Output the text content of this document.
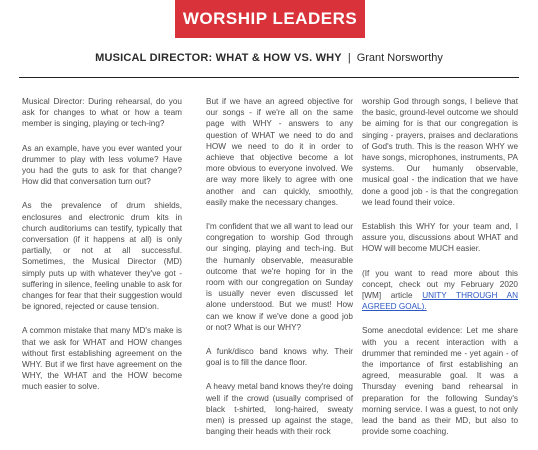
WORSHIP LEADERS
MUSICAL DIRECTOR: WHAT & HOW VS. WHY | Grant Norsworthy

Musical Director: During rehearsal, do you ask for changes to what or how a team member is singing, playing or tech-ing?

As an example, have you ever wanted your drummer to play with less volume? Have you had the guts to ask for that change? How did that conversation turn out?

As the prevalence of drum shields, enclosures and electronic drum kits in church auditoriums can testify, typically that conversation (if it happens at all) is only partially, or not at all successful. Sometimes, the Musical Director (MD) simply puts up with whatever they've got - suffering in silence, feeling unable to ask for changes for fear that their suggestion would be ignored, rejected or cause tension.

A common mistake that many MD's make is that we ask for WHAT and HOW changes without first establishing agreement on the WHY. But if we first have agreement on the WHY, the WHAT and the HOW become much easier to solve.

But if we have an agreed objective for our songs - if we're all on the same page with WHY - answers to any question of WHAT we need to do and HOW we need to do it in order to achieve that objective become a lot more obvious to everyone involved. We are way more likely to agree with one another and can quickly, smoothly, easily make the necessary changes.

I'm confident that we all want to lead our congregation to worship God through our singing, playing and tech-ing. But the humanly observable, measurable outcome that we're hoping for in the room with our congregation on Sunday is usually never even discussed let alone understood. But we must! How can we know if we've done a good job or not? What is our WHY?

A funk/disco band knows why. Their goal is to fill the dance floor.

A heavy metal band knows they're doing well if the crowd (usually comprised of black t-shirted, long-haired, sweaty men) is pressed up against the stage, banging their heads with their rock

worship God through songs, I believe that the basic, ground-level outcome we should be aiming for is that our congregation is singing - prayers, praises and declarations of God's truth. This is the reason WHY we have songs, microphones, instruments, PA systems. Our humanly observable, musical goal - the indication that we have done a good job - is that the congregation we lead found their voice.

Establish this WHY for your team and, I assure you, discussions about WHAT and HOW will become MUCH easier.

(If you want to read more about this concept, check out my February 2020 [WM] article UNITY THROUGH AN AGREED GOAL).

Some anecdotal evidence: Let me share with you a recent interaction with a drummer that reminded me - yet again - of the importance of first establishing an agreed, measurable goal. It was a Thursday evening band rehearsal in preparation for the following Sunday's morning service. I was a guest, to not only lead the band as their MD, but also to provide some coaching.
